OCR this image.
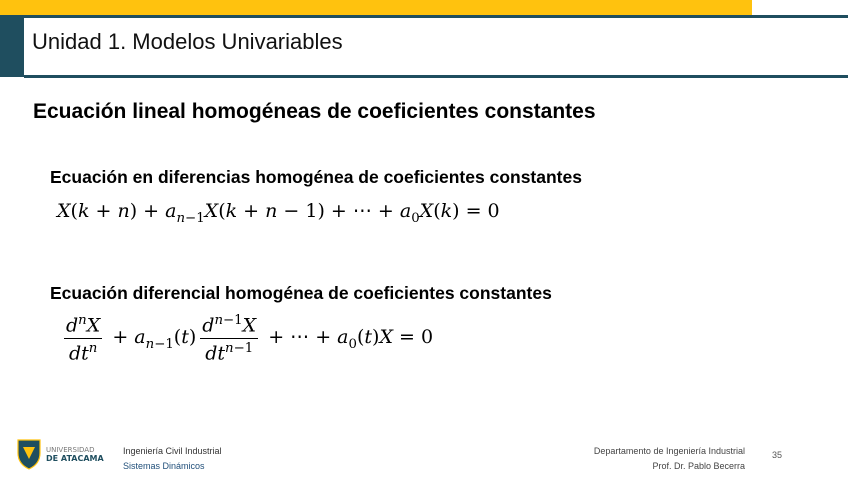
Unidad 1. Modelos Univariables
Ecuación lineal homogéneas de coeficientes constantes
Ecuación en diferencias homogénea de coeficientes constantes
$X(k + n) + a_{n-1}X(k + n - 1)$ + ⋯ + $a_0X(k) = 0$
Ecuación diferencial homogénea de coeficientes constantes
$\frac{d^nX}{dt^n} + a_{n-1}(t) \frac{d^{n-1}X}{dt^{n-1}}$ + ⋯ + $a_0(t)X = 0$
UNIVERSIDAD
DE ATACAMA
Ingeniería Civil Industrial
Sistemas Dinámicos
Departamento de Ingeniería Industrial
Prof. Dr. Pablo Becerra
35
